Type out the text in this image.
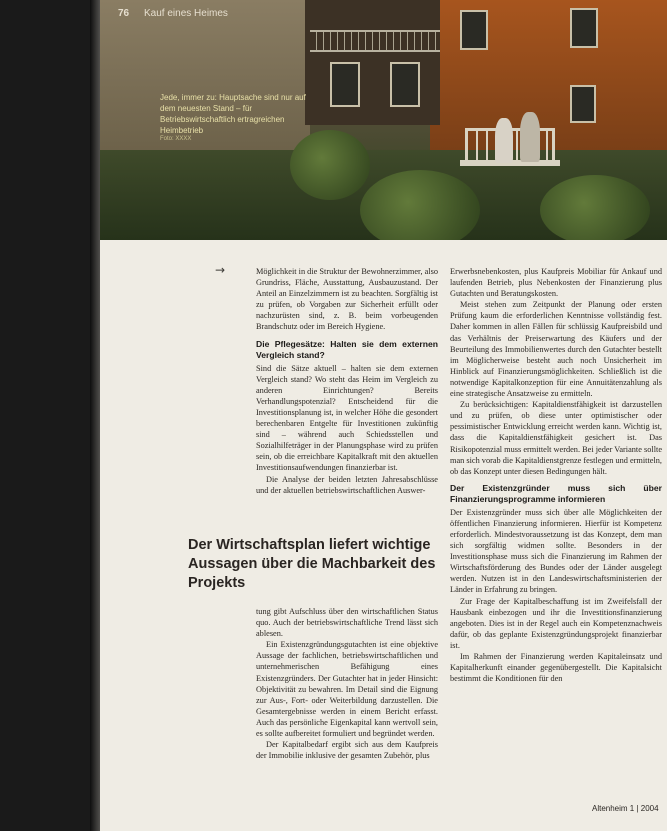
76 Kauf eines Heimes
Jede, immer zu: Hauptsache sind nur auf dem neuesten Stand – für Betriebswirtschaftlich ertragreichen Heimbetrieb
Foto: XXXX
→	Möglichkeit in die Struktur der Bewohnerzimmer, also Grundriss, Fläche, Ausstattung, Ausbauzustand. Der Anteil an Einzelzimmern ist zu beachten. Sorgfältig ist zu prüfen, ob Vorgaben zur Sicherheit erfüllt oder nachzurüsten sind, z. B. beim vorbeugenden Brandschutz oder im Bereich Hygiene.

Die Pflegesätze: Halten sie dem externen Vergleich stand?

Sind die Sätze aktuell – halten sie dem externen Vergleich stand? Wo steht das Heim im Vergleich zu anderen Einrichtungen? Bereits Verhandlungspotenzial? Entscheidend für die Investitionsplanung ist, in welcher Höhe die gesondert berechenbaren Entgelte für Investitionen zukünftig sind – während auch Schiedsstellen und Sozialhilfeträger in der Planungsphase wird zu prüfen sein, ob die erreichbare Kapitalkraft mit den aktuellen Investitionsaufwendungen finanzierbar ist.

Die Analyse der beiden letzten Jahresabschlüsse und der aktuellen betriebswirtschaftlichen Auswer-

Der Wirtschaftsplan liefert wichtige Aussagen über die Machbarkeit des Projekts

tung gibt Aufschluss über den wirtschaftlichen Status quo. Auch der betriebswirtschaftliche Trend lässt sich ablesen.

Ein Existenzgründungsgutachten ist eine objektive Aussage der fachlichen, betriebswirtschaftlichen und unternehmerischen Befähigung eines Existenzgründers. Der Gutachter hat in jeder Hinsicht: Objektivität zu bewahren. Im Detail sind die Eignung zur Aus-, Fort- oder Weiterbildung darzustellen. Die Gesamtergebnisse werden in einem Bericht erfasst. Auch das persönliche Eigenkapital kann wertvoll sein, es sollte aufbereitet formuliert und begründet werden.

Der Kapitalbedarf ergibt sich aus dem Kaufpreis der Immobilie inklusive der gesamten Zubehör, plus

Erwerbsnebenkosten, plus Kaufpreis Mobiliar für Ankauf und laufenden Betrieb, plus Nebenkosten der Finanzierung plus Gutachten und Beratungskosten.

Meist stehen zum Zeitpunkt der Planung oder ersten Prüfung kaum die erforderlichen Kenntnisse vollständig fest. Daher kommen in allen Fällen für schlüssig Kaufpreisbild und das Verhältnis der Preiserwartung des Käufers und der Beurteilung des Immobilienwertes durch den Gutachter bestellt im Möglicherweise besteht auch noch Unsicherheit im Hinblick auf Finanzierungsmöglichkeiten. Schließlich ist die notwendige Kapitalkonzeption für eine Annuitätenzahlung als eine strategische Ansatzweise zu ermitteln.

Zu berücksichtigen: Kapitaldienstfähigkeit ist darzustellen und zu prüfen, ob diese unter optimistischer oder pessimistischer Entwicklung erreicht werden kann. Wichtig ist, dass die Kapitaldienstfähigkeit gesichert ist. Das Risikopotenzial muss ermittelt werden. Bei jeder Variante sollte man sich vorab die Kapitaldienstgrenze festlegen und ermitteln, ob das Konzept unter diesen Bedingungen hält.

Der Existenzgründer muss sich über Finanzierungsprogramme informieren

Der Existenzgründer muss sich über alle Möglichkeiten der öffentlichen Finanzierung informieren. Hierfür ist Kompetenz erforderlich. Mindestvoraussetzung ist das Konzept, dem man sich sorgfältig widmen sollte. Besonders in der Investitionsphase muss sich die Finanzierung im Rahmen der Wirtschaftsförderung des Bundes oder der Länder ausgelegt werden. Nutzen ist in den Landeswirtschaftsministerien der Länder in Erfahrung zu bringen.

Zur Frage der Kapitalbeschaffung ist im Zweifelsfall der Hausbank einbezogen und ihr die Investitionsfinanzierung angeboten. Dies ist in der Regel auch ein Kompetenznachweis dafür, ob das geplante Existenzgründungsprojekt finanzierbar ist.

Im Rahmen der Finanzierung werden Kapitaleinsatz und Kapitalherkunft einander gegenübergestellt. Die Kapitalsicht bestimmt die Konditionen für den

Altenheim 1 | 2004
